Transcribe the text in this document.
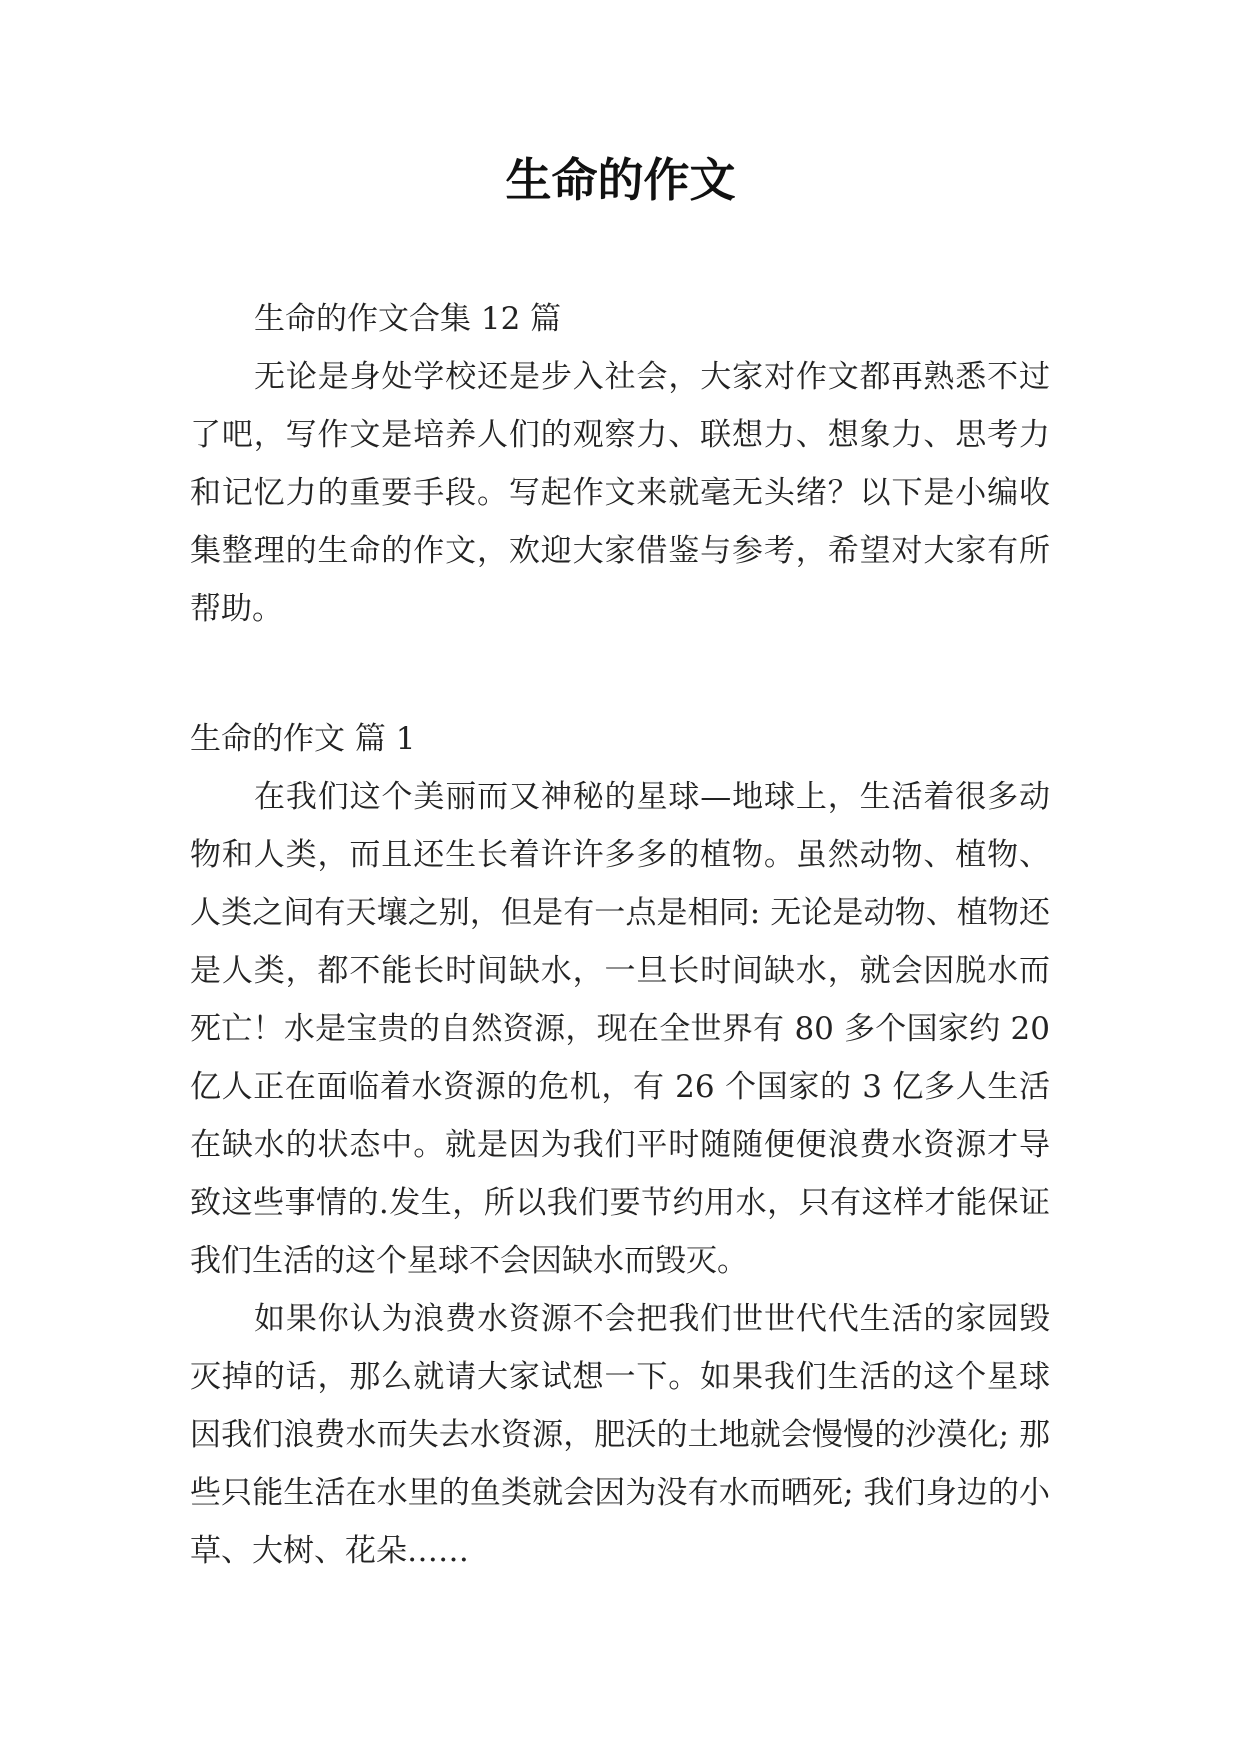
生命的作文

生命的作文合集 12 篇

无论是身处学校还是步入社会，大家对作文都再熟悉不过了吧，写作文是培养人们的观察力、联想力、想象力、思考力和记忆力的重要手段。写起作文来就毫无头绪？以下是小编收集整理的生命的作文，欢迎大家借鉴与参考，希望对大家有所帮助。

生命的作文 篇 1

在我们这个美丽而又神秘的星球—地球上，生活着很多动物和人类，而且还生长着许许多多的植物。虽然动物、植物、人类之间有天壤之别，但是有一点是相同: 无论是动物、植物还是人类，都不能长时间缺水，一旦长时间缺水，就会因脱水而死亡！水是宝贵的自然资源，现在全世界有 80 多个国家约 20 亿人正在面临着水资源的危机，有 26 个国家的 3 亿多人生活在缺水的状态中。就是因为我们平时随随便便浪费水资源才导致这些事情的.发生，所以我们要节约用水，只有这样才能保证我们生活的这个星球不会因缺水而毁灭。

如果你认为浪费水资源不会把我们世世代代生活的家园毁灭掉的话，那么就请大家试想一下。如果我们生活的这个星球因我们浪费水而失去水资源，肥沃的土地就会慢慢的沙漠化; 那些只能生活在水里的鱼类就会因为没有水而晒死; 我们身边的小草、大树、花朵……
